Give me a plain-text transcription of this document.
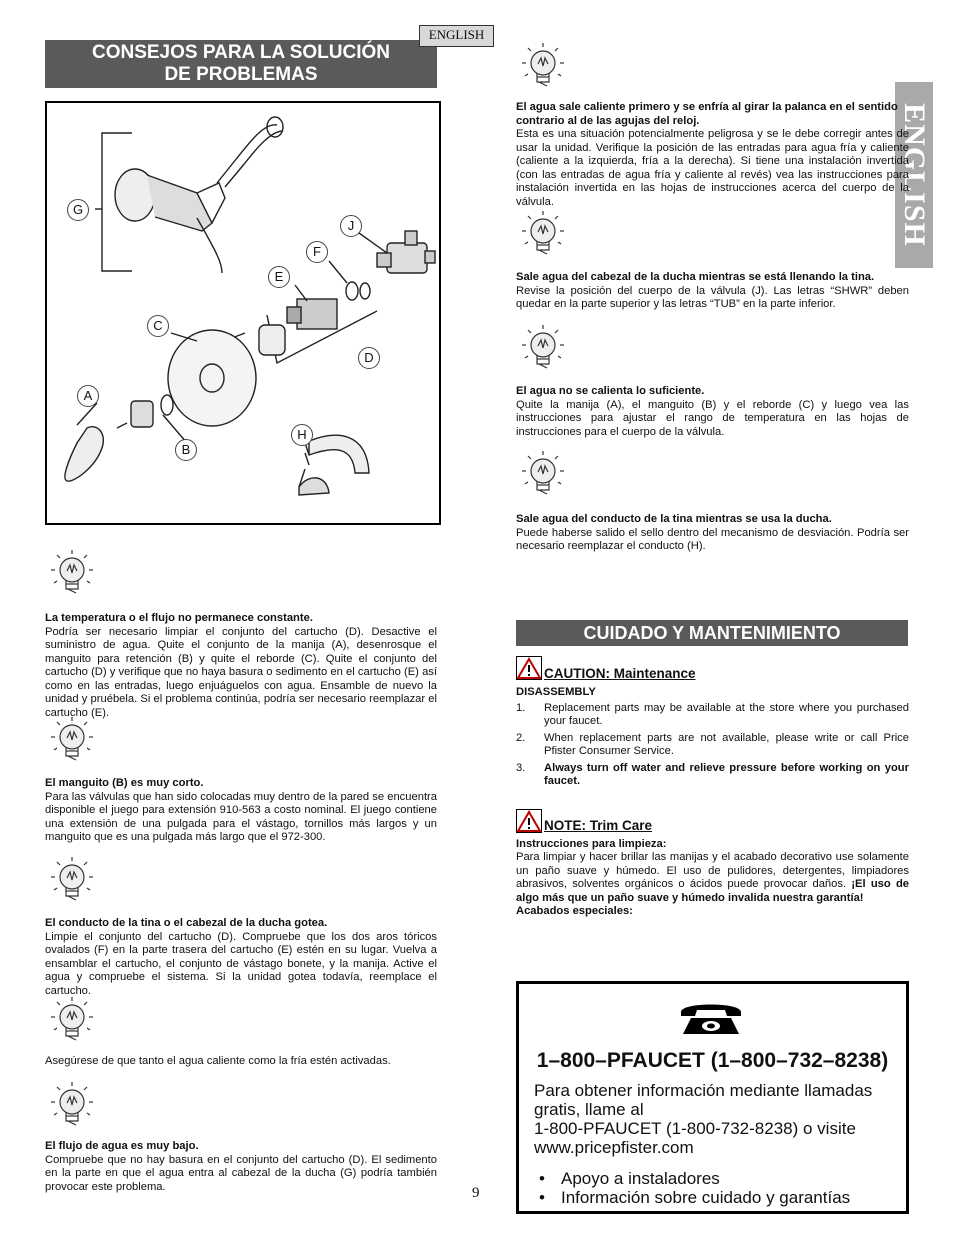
CONSEJOS PARA LA SOLUCIÓN
DE PROBLEMAS
ENGLISH
ENGLISH
G
J
F
E
C
D
A
H
B
La temperatura o el flujo no permanece constante.

Podría ser necesario limpiar el conjunto del cartucho (D). Desactive el suministro de agua. Quite el conjunto de la manija (A), desenrosque el manguito para retención (B) y quite el reborde (C). Quite el conjunto del cartucho (D) y verifique que no haya basura o sedimento en el cartucho (E) así como en las entradas, luego enjuáguelos con agua. Ensamble de nuevo la unidad y pruébela. Si el problema continúa, podría ser necesario reemplazar el cartucho (E).

El manguito (B) es muy corto.

Para las válvulas que han sido colocadas muy dentro de la pared se encuentra disponible el juego para extensión 910-563 a costo nominal. El juego contiene una extensión de una pulgada para el vástago, tornillos más largos y un manguito que es una pulgada más largo que el 972-300.

El conducto de la tina o el cabezal de la ducha gotea.

Limpie el conjunto del cartucho (D). Compruebe que los dos aros tóricos ovalados (F) en la parte trasera del cartucho (E) estén en su lugar. Vuelva a ensamblar el cartucho, el conjunto de vástago bonete, y la manija. Active el agua y compruebe el sistema. Si la unidad gotea todavía, reemplace el cartucho.

Asegúrese de que tanto el agua caliente como la fría estén activadas.

El flujo de agua es muy bajo.

Compruebe que no hay basura en el conjunto del cartucho (D). El sedimento en la parte en que el agua entra al cabezal de la ducha (G) podría también provocar este problema.

El agua sale caliente primero y se enfría al girar la palanca en el sentido contrario al de las agujas del reloj.

Esta es una situación potencialmente peligrosa y se le debe corregir antes de usar la unidad. Verifique la posición de las entradas para agua fría y caliente (caliente a la izquierda, fría a la derecha). Si tiene una instalación invertida (con las entradas de agua fría y caliente al revés) vea las instrucciones para instalación invertida en las hojas de instrucciones acerca del cuerpo de la válvula.

Sale agua del cabezal de la ducha mientras se está llenando la tina.

Revise la posición del cuerpo de la válvula (J). Las letras “SHWR” deben quedar en la parte superior y las letras “TUB” en la parte inferior.

El agua no se calienta lo suficiente.

Quite la manija (A), el manguito (B) y el reborde (C) y luego vea las instrucciones para ajustar el rango de temperatura en las hojas de instrucciones para el cuerpo de la válvula.

Sale agua del conducto de la tina mientras se usa la ducha.

Puede haberse salido el sello dentro del mecanismo de desviación. Podría ser necesario reemplazar el conducto (H).

CUIDADO Y MANTENIMIENTO
CAUTION: Maintenance
DISASSEMBLY
1. Replacement parts may be available at the store where you purchased your faucet.
2. When replacement parts are not available, please write or call Price Pfister Consumer Service.
3. Always turn off water and relieve pressure before working on your faucet.
NOTE: Trim Care
Instrucciones para limpieza:

Para limpiar y hacer brillar las manijas y el acabado decorativo use solamente un paño suave y húmedo. El uso de pulidores, detergentes, limpiadores abrasivos, solventes orgánicos o ácidos puede provocar daños. ¡El uso de algo más que un paño suave y húmedo invalida nuestra garantía!

Acabados especiales:
1–800–PFAUCET (1–800–732–8238)
Para obtener información mediante llamadas
gratis, llame al
1-800-PFAUCET (1-800-732-8238) o visite
www.pricepfister.com
• Apoyo a instaladores
• Información sobre cuidado y garantías
9
